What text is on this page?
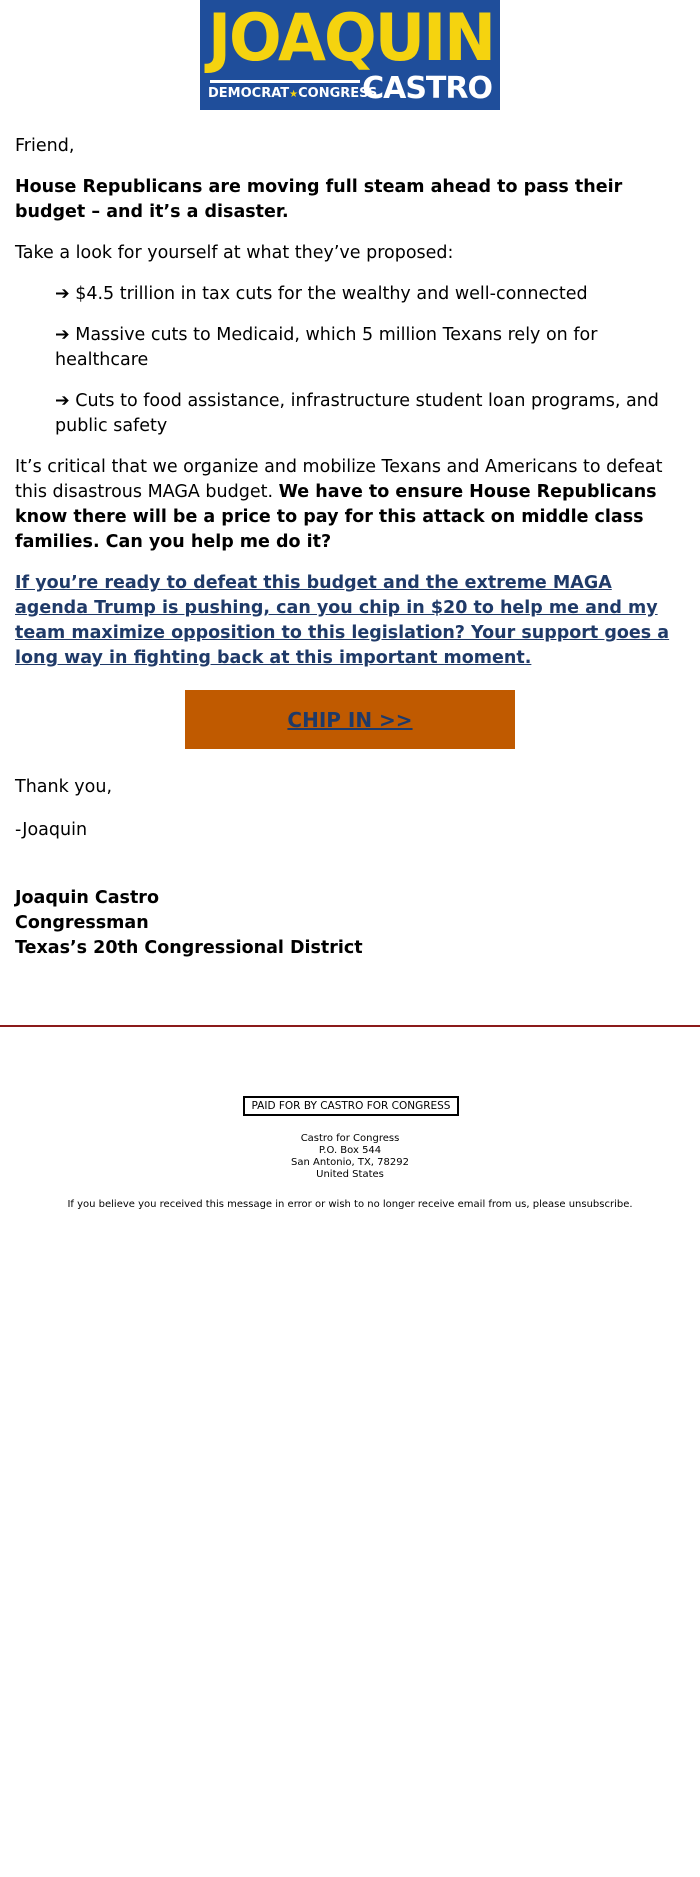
JOAQUIN
DEMOCRAT★CONGRESS
CASTRO

Friend,

House Republicans are moving full steam ahead to pass their budget – and it’s a disaster.

Take a look for yourself at what they’ve proposed:

➔ $4.5 trillion in tax cuts for the wealthy and well-connected

➔ Massive cuts to Medicaid, which 5 million Texans rely on for healthcare

➔ Cuts to food assistance, infrastructure student loan programs, and public safety

It’s critical that we organize and mobilize Texans and Americans to defeat this disastrous MAGA budget. We have to ensure House Republicans know there will be a price to pay for this attack on middle class families. Can you help me do it?

If you’re ready to defeat this budget and the extreme MAGA agenda Trump is pushing, can you chip in $20 to help me and my team maximize opposition to this legislation? Your support goes a long way in fighting back at this important moment.

CHIP IN >>

Thank you,

-Joaquin

Joaquin Castro
Congressman
Texas’s 20th Congressional District
PAID FOR BY CASTRO FOR CONGRESS
Castro for Congress
P.O. Box 544
San Antonio, TX, 78292
United States
If you believe you received this message in error or wish to no longer receive email from us, please unsubscribe.
